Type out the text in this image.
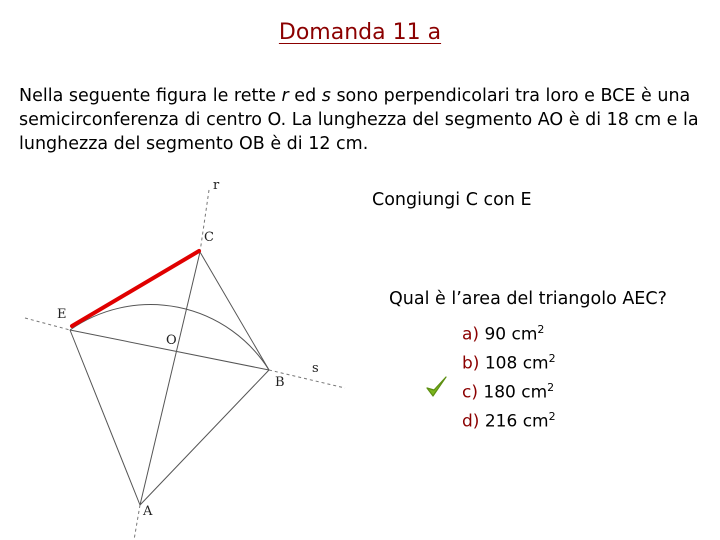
Domanda 11 a
Nella seguente figura le rette r ed s sono perpendicolari tra loro e BCE è una semicirconferenza di centro O. La lunghezza del segmento AO è di 18 cm e la lunghezza del segmento OB è di 12 cm.
r
C
E
O
B
s
A
Congiungi C con E
Qual è l’area del triangolo AEC?
a) 90 $cm^2$
b) 108 $cm^2$
c) 180 $cm^2$
d) 216 $cm^2$
